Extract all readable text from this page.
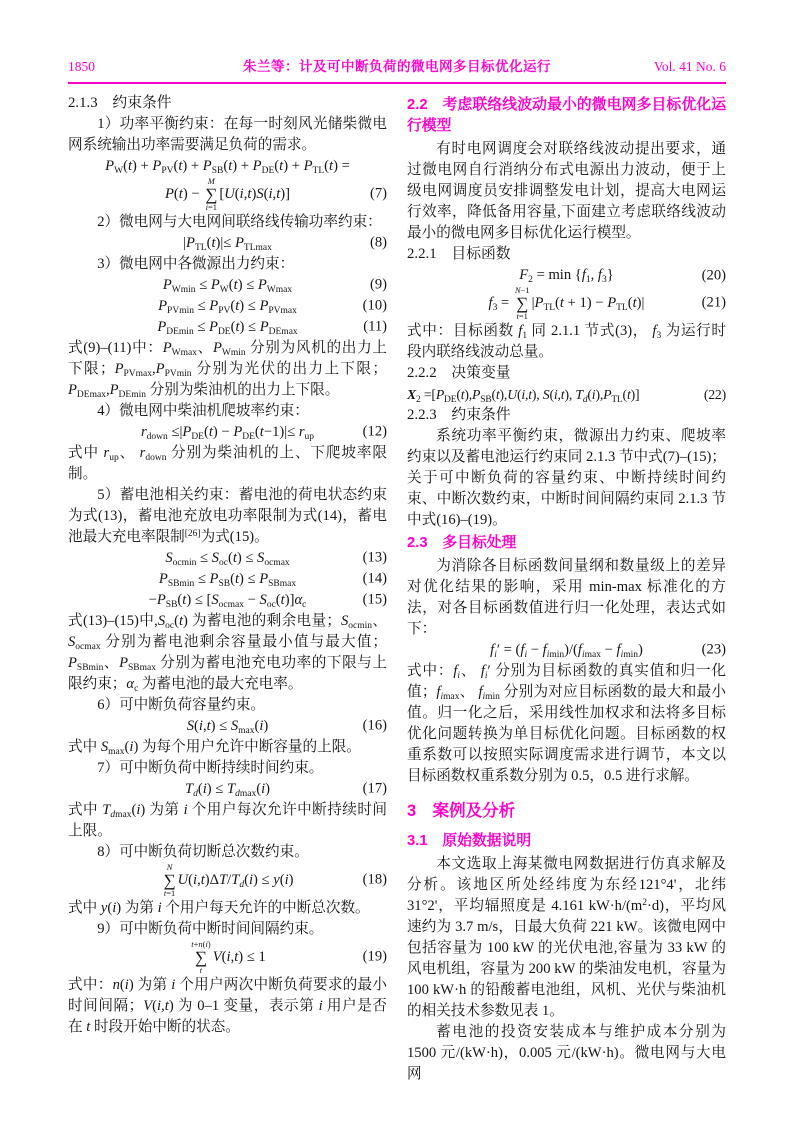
1850	朱兰等：计及可中断负荷的微电网多目标优化运行	Vol. 41 No. 6
2.1.3　约束条件
1）功率平衡约束：在每一时刻风光储柴微电网系统输出功率需要满足负荷的需求。
$P_W(t) + P_{PV}(t) + P_{SB}(t) + P_{DE}(t) + P_{TL}(t)$ =
P(t) −
M
∑
i=1
[U(i,t)S(i,t)]	(7)
2）微电网与大电网间联络线传输功率约束：
$|P_{TL}(t)|\le P_{TLmax}$	(8)
3）微电网中各微源出力约束：
$P_{Wmin} \le P_W(t) \le P_{Wmax}$	(9)
$P_{PVmin} \le P_{PV}(t) \le P_{PVmax}$	(10)
$P_{DEmin} \le P_{DE}(t) \le P_{DEmax}$	(11)
式(9)–(11)中：$P_{Wmax}$、$P_{Wmin}$ 分别为风机的出力上下限；$P_{PVmax},P_{PVmin}$ 分别为光伏的出力上下限；$P_{DEmax},P_{DEmin}$ 分别为柴油机的出力上下限。
4）微电网中柴油机爬坡率约束：
$r_{down} \le|P_{DE}(t) - P_{DE}(t-1)|\le r_{up}$	(12)
式中 $r_{up}$、 $r_{down}$ 分别为柴油机的上、下爬坡率限制。
5）蓄电池相关约束：蓄电池的荷电状态约束为式(13)，蓄电池充放电功率限制为式(14)，蓄电池最大充电率限制[26]为式(15)。
$S_{ocmin} \le S_{oc}(t) \le S_{ocmax}$	(13)
$P_{SBmin} \le P_{SB}(t) \le P_{SBmax}$	(14)
$-P_{SB}(t) \le [S_{ocmax} - S_{oc}(t)]\alpha_c$	(15)
式(13)–(15)中$,S_{oc}(t)$ 为蓄电池的剩余电量；$S_{ocmin}$、$S_{ocmax}$ 分别为蓄电池剩余容量最小值与最大值；$P_{SBmin}$、$P_{SBmax}$ 分别为蓄电池充电功率的下限与上限约束；$\alpha_c$ 为蓄电池的最大充电率。
6）可中断负荷容量约束。
$S(i,t) \le S_{max}(i)$	(16)
式中 $S_{max}(i)$ 为每个用户允许中断容量的上限。
7）可中断负荷中断持续时间约束。
$T_d(i) \le T_{dmax}(i)$	(17)
式中 $T_{dmax}(i)$ 为第 i 个用户每次允许中断持续时间上限。
8）可中断负荷切断总次数约束。
N
∑
t=1
$U(i,t)\Delta T/T_d(i) \le y(i)$	(18)
式中 y(i) 为第 i 个用户每天允许的中断总次数。
9）可中断负荷中断时间间隔约束。
t+n(i)
∑
t
V(i,t) ≤ 1	(19)
式中：n(i) 为第 i 个用户两次中断负荷要求的最小时间间隔；V(i,t) 为 0–1 变量，表示第 i 用户是否在 t 时段开始中断的状态。
2.2　考虑联络线波动最小的微电网多目标优化运行模型
有时电网调度会对联络线波动提出要求，通过微电网自行消纳分布式电源出力波动，便于上级电网调度员安排调整发电计划，提高大电网运行效率，降低备用容量,下面建立考虑联络线波动最小的微电网多目标优化运行模型。
2.2.1　目标函数
$F_2 = \min \{f_1$, $f_3$}	(20)
$f_3$ =
N−1
∑
t=1
$|P_{TL}(t + 1) - P_{TL}(t)|$	(21)
式中：目标函数 $f_1$ 同 2.1.1 节式(3)， $f_3$ 为运行时段内联络线波动总量。
2.2.2　决策变量
$X_2 =[P_{DE}(t),P_{SB}(t),U(i,t)$, S(i,t), $T_d(i),P_{TL}(t)$]	(22)
2.2.3　约束条件
系统功率平衡约束，微源出力约束、爬坡率约束以及蓄电池运行约束同 2.1.3 节中式(7)–(15)；关于可中断负荷的容量约束、中断持续时间约束、中断次数约束，中断时间间隔约束同 2.1.3 节中式(16)–(19)。
2.3　多目标处理
为消除各目标函数间量纲和数量级上的差异对优化结果的影响，采用 min-max 标准化的方法，对各目标函数值进行归一化处理，表达式如下：
$f_i' = (f_i - f_{imin})/(f_{imax} - f_{imin})$	(23)
式中：$f_i$、 $f_i'$ 分别为目标函数的真实值和归一化值；$f_{imax}$、 $f_{imin}$ 分别为对应目标函数的最大和最小值。归一化之后，采用线性加权求和法将多目标优化问题转换为单目标优化问题。目标函数的权重系数可以按照实际调度需求进行调节，本文以目标函数权重系数分别为 0.5，0.5 进行求解。
3　案例及分析
3.1　原始数据说明
本文选取上海某微电网数据进行仿真求解及分析。该地区所处经纬度为东经121°4'，北纬31°2'，平均辐照度是 4.161 $kW\cdot h/(m^2\cdot d)$，平均风速约为 3.7 m/s，日最大负荷 221 kW。该微电网中包括容量为 100 kW 的光伏电池,容量为 33 kW 的风电机组，容量为 200 kW 的柴油发电机，容量为 100 kW·h 的铅酸蓄电池组，风机、光伏与柴油机的相关技术参数见表 1。
蓄电池的投资安装成本与维护成本分别为 1500 元/(kW·h)，0.005 元/(kW·h)。微电网与大电网
